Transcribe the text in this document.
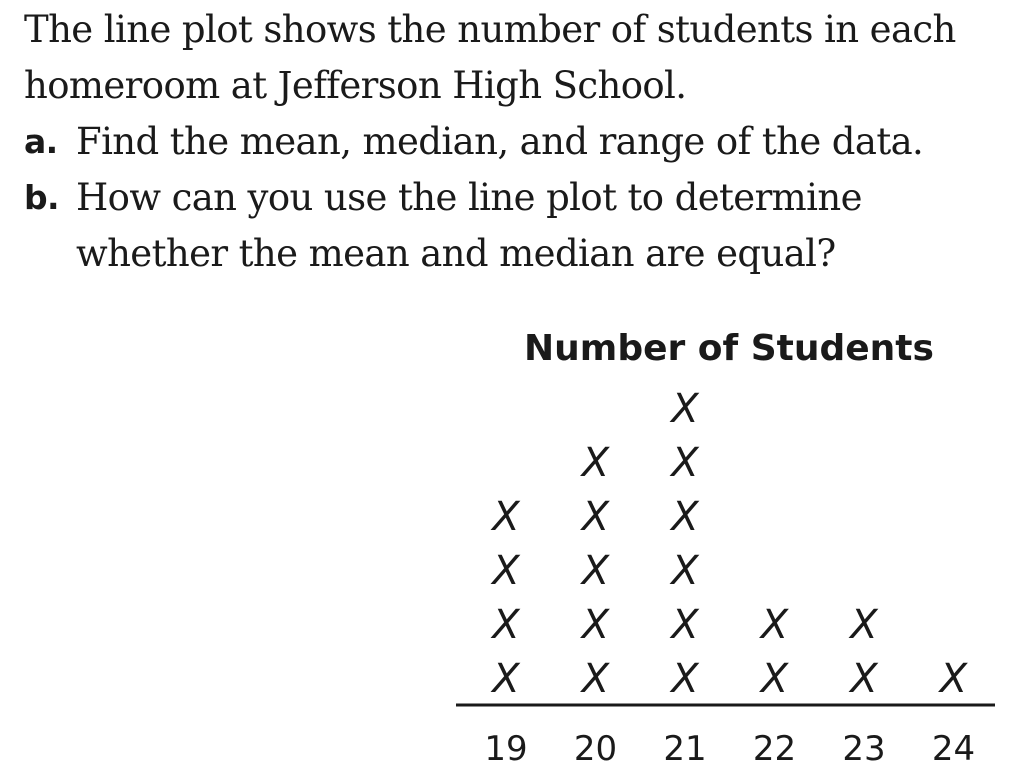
The line plot shows the number of students in each
homeroom at Jefferson High School.

a. Find the mean, median, and range of the data.
b. How can you use the line plot to determine
whether the mean and median are equal?
Number of Students
19 20 21 22 23 24
X
X
X
X
X
X
X
X
X
X
X
X
X
X
X
X
X
X
X
X
